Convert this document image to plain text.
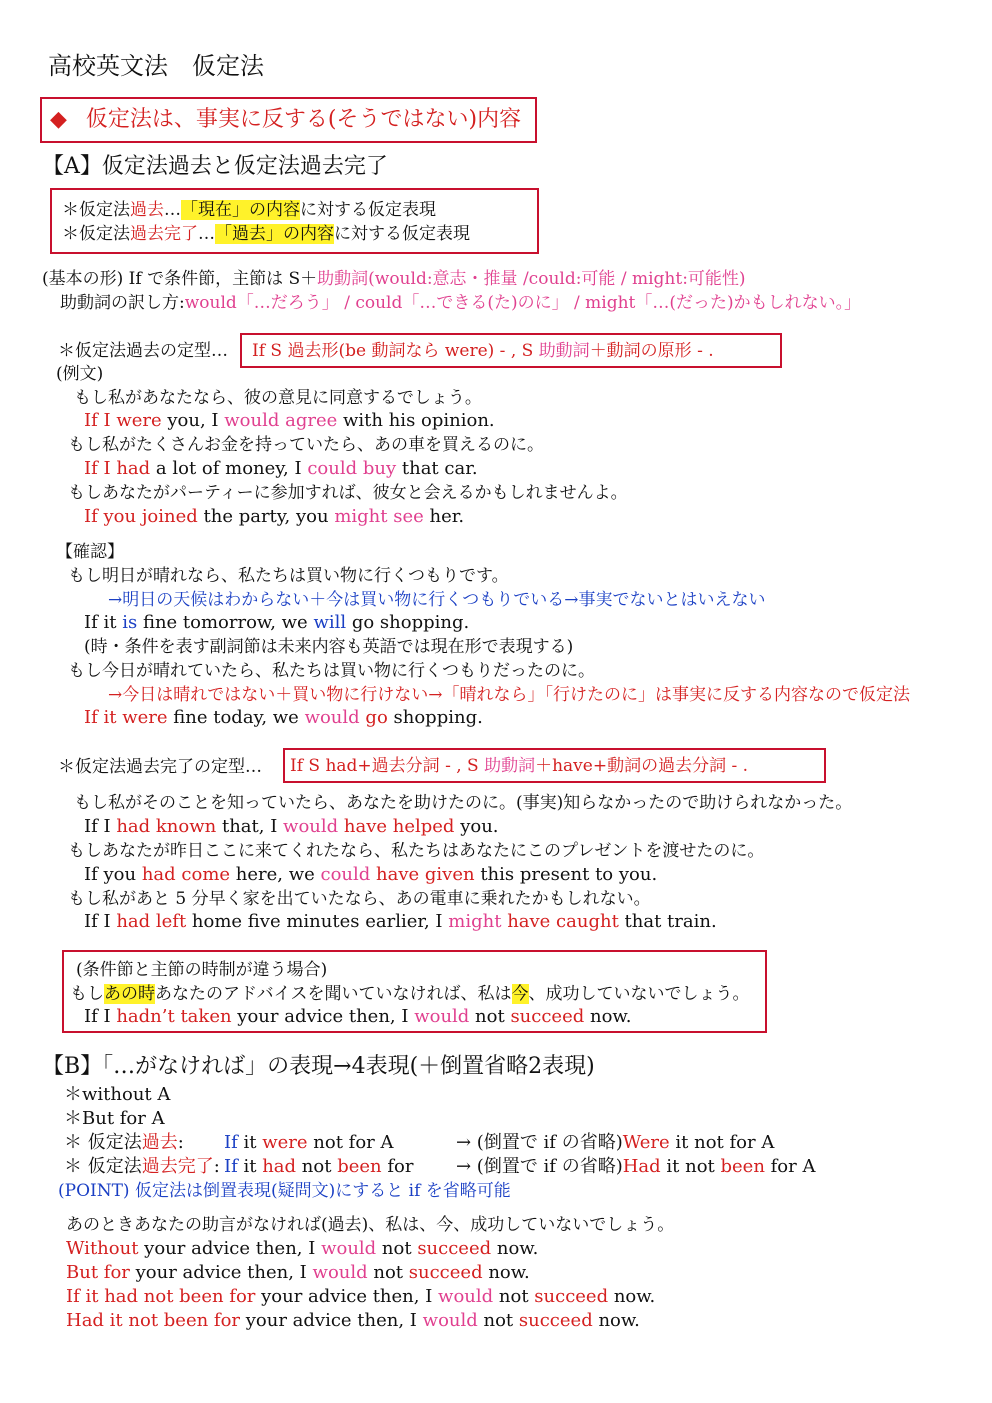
高校英文法　仮定法
◆ 仮定法は、事実に反する(そうではない)内容
【A】仮定法過去と仮定法過去完了
＊仮定法過去…「現在」の内容に対する仮定表現
＊仮定法過去完了…「過去」の内容に対する仮定表現
(基本の形) If で条件節，主節は S＋助動詞(would:意志・推量 /could:可能 / might:可能性)
助動詞の訳し方:would「…だろう」 / could「…できる(た)のに」 / might「…(だった)かもしれない。」
＊仮定法過去の定型… If S 過去形(be 動詞なら were) - , S 助動詞＋動詞の原形 - .
(例文)
もし私があなたなら、彼の意見に同意するでしょう。
If I were you, I would agree with his opinion.
もし私がたくさんお金を持っていたら、あの車を買えるのに。
If I had a lot of money, I could buy that car.
もしあなたがパーティーに参加すれば、彼女と会えるかもしれませんよ。
If you joined the party, you might see her.
【確認】
もし明日が晴れなら、私たちは買い物に行くつもりです。
→明日の天候はわからない＋今は買い物に行くつもりでいる→事実でないとはいえない
If it is fine tomorrow, we will go shopping.
(時・条件を表す副詞節は未来内容も英語では現在形で表現する)
もし今日が晴れていたら、私たちは買い物に行くつもりだったのに。
→今日は晴れではない＋買い物に行けない→「晴れなら」「行けたのに」は事実に反する内容なので仮定法
If it were fine today, we would go shopping.
＊仮定法過去完了の定型… If S had+過去分詞 - , S 助動詞＋have+動詞の過去分詞 - .
もし私がそのことを知っていたら、あなたを助けたのに。(事実)知らなかったので助けられなかった。
If I had known that, I would have helped you.
もしあなたが昨日ここに来てくれたなら、私たちはあなたにこのプレゼントを渡せたのに。
If you had come here, we could have given this present to you.
もし私があと 5 分早く家を出ていたなら、あの電車に乗れたかもしれない。
If I had left home five minutes earlier, I might have caught that train.
(条件節と主節の時制が違う場合)
もしあの時あなたのアドバイスを聞いていなければ、私は今、成功していないでしょう。
If I hadn’t taken your advice then, I would not succeed now.
【B】「…がなければ」の表現→4表現(＋倒置省略2表現)
＊without A
＊But for A
＊ 仮定法過去: If it were not for A	→ (倒置で if の省略)Were it not for A
＊ 仮定法過去完了: If it had not been for → (倒置で if の省略)Had it not been for A
(POINT) 仮定法は倒置表現(疑問文)にすると if を省略可能
あのときあなたの助言がなければ(過去)、私は、今、成功していないでしょう。
Without your advice then, I would not succeed now.
But for your advice then, I would not succeed now.
If it had not been for your advice then, I would not succeed now.
Had it not been for your advice then, I would not succeed now.
